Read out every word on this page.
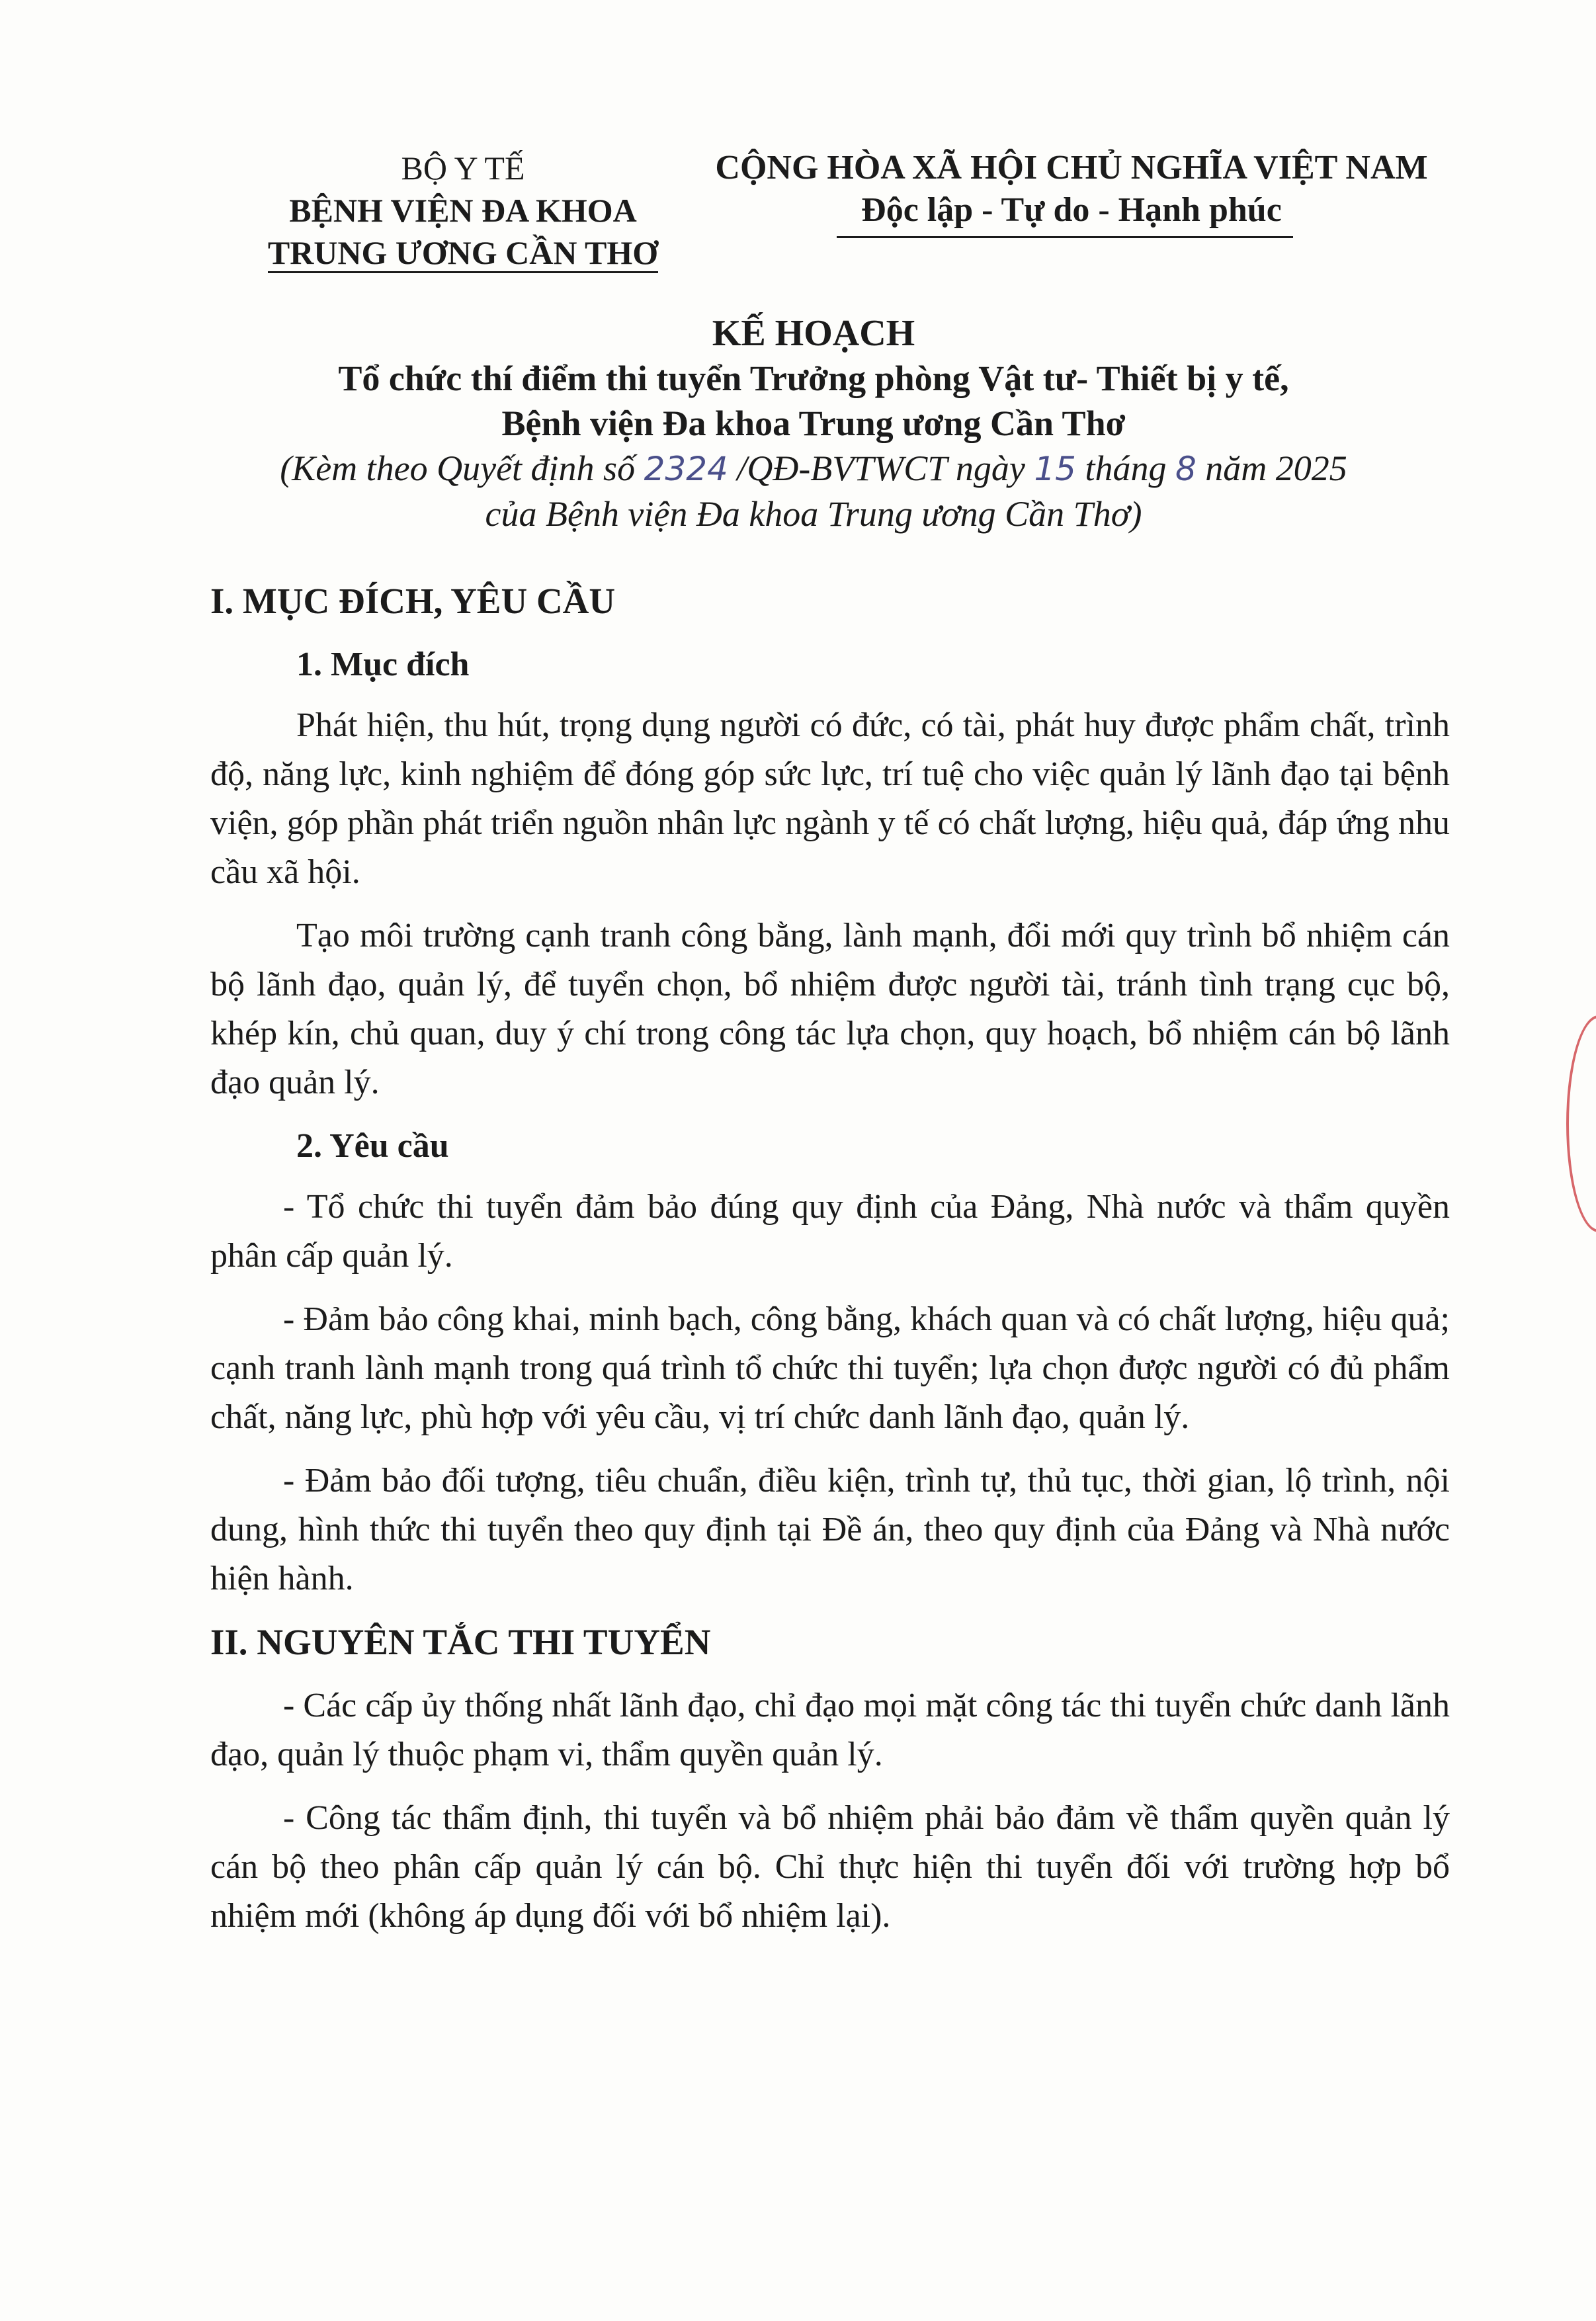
BỘ Y TẾ
BỆNH VIỆN ĐA KHOA
TRUNG ƯƠNG CẦN THƠ
CỘNG HÒA XÃ HỘI CHỦ NGHĨA VIỆT NAM
Độc lập - Tự do - Hạnh phúc
KẾ HOẠCH
Tổ chức thí điểm thi tuyển Trưởng phòng Vật tư- Thiết bị y tế,
Bệnh viện Đa khoa Trung ương Cần Thơ
(Kèm theo Quyết định số 2324 /QĐ-BVTWCT ngày 15 tháng 8 năm 2025
của Bệnh viện Đa khoa Trung ương Cần Thơ)
I. MỤC ĐÍCH, YÊU CẦU
1. Mục đích

Phát hiện, thu hút, trọng dụng người có đức, có tài, phát huy được phẩm chất, trình độ, năng lực, kinh nghiệm để đóng góp sức lực, trí tuệ cho việc quản lý lãnh đạo tại bệnh viện, góp phần phát triển nguồn nhân lực ngành y tế có chất lượng, hiệu quả, đáp ứng nhu cầu xã hội.

Tạo môi trường cạnh tranh công bằng, lành mạnh, đổi mới quy trình bổ nhiệm cán bộ lãnh đạo, quản lý, để tuyển chọn, bổ nhiệm được người tài, tránh tình trạng cục bộ, khép kín, chủ quan, duy ý chí trong công tác lựa chọn, quy hoạch, bổ nhiệm cán bộ lãnh đạo quản lý.

2. Yêu cầu

- Tổ chức thi tuyển đảm bảo đúng quy định của Đảng, Nhà nước và thẩm quyền phân cấp quản lý.

- Đảm bảo công khai, minh bạch, công bằng, khách quan và có chất lượng, hiệu quả; cạnh tranh lành mạnh trong quá trình tổ chức thi tuyển; lựa chọn được người có đủ phẩm chất, năng lực, phù hợp với yêu cầu, vị trí chức danh lãnh đạo, quản lý.

- Đảm bảo đối tượng, tiêu chuẩn, điều kiện, trình tự, thủ tục, thời gian, lộ trình, nội dung, hình thức thi tuyển theo quy định tại Đề án, theo quy định của Đảng và Nhà nước hiện hành.

II. NGUYÊN TẮC THI TUYỂN

- Các cấp ủy thống nhất lãnh đạo, chỉ đạo mọi mặt công tác thi tuyển chức danh lãnh đạo, quản lý thuộc phạm vi, thẩm quyền quản lý.

- Công tác thẩm định, thi tuyển và bổ nhiệm phải bảo đảm về thẩm quyền quản lý cán bộ theo phân cấp quản lý cán bộ. Chỉ thực hiện thi tuyển đối với trường hợp bổ nhiệm mới (không áp dụng đối với bổ nhiệm lại).
